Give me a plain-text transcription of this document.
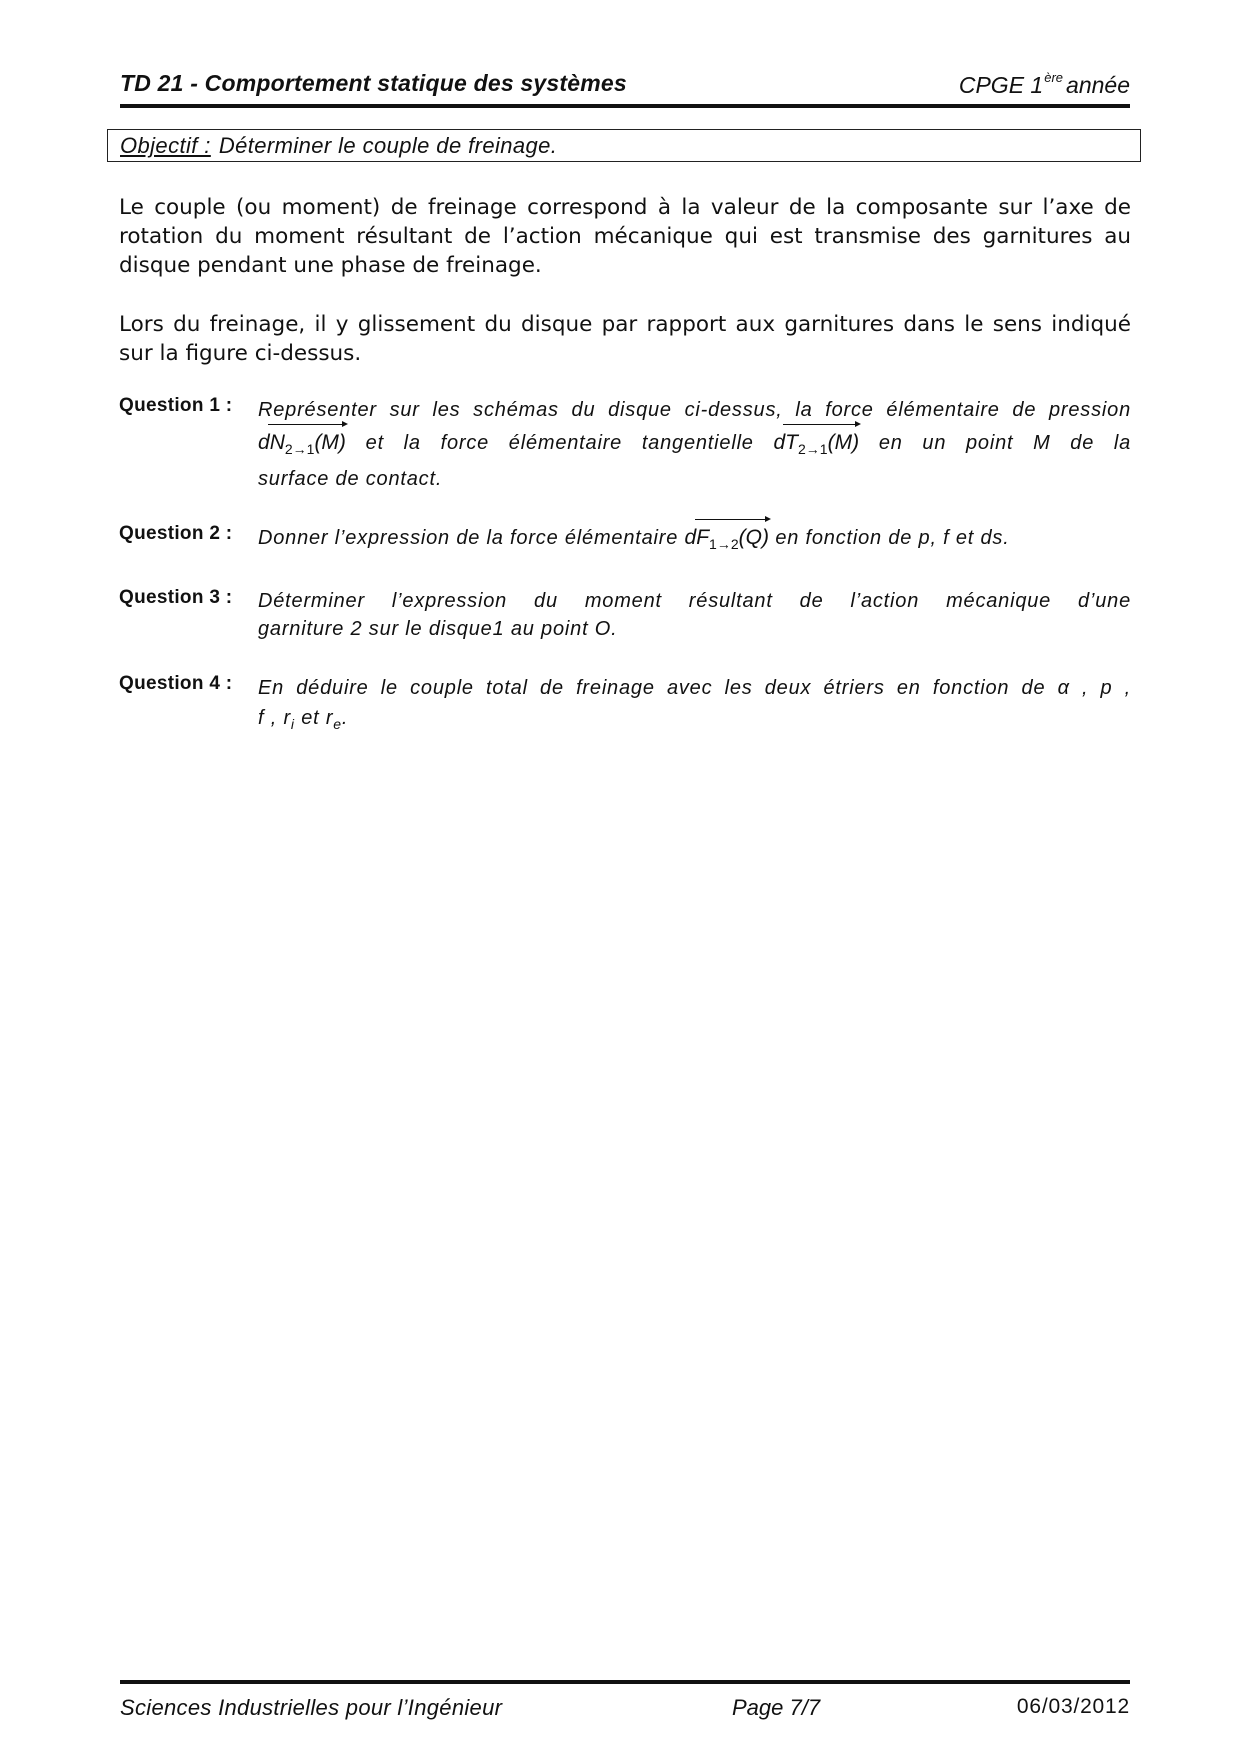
TD 21 - Comportement statique des systèmes	CPGE 1ère année
Objectif : Déterminer le couple de freinage.
Le couple (ou moment) de freinage correspond à la valeur de la composante sur l’axe de rotation du moment résultant de l’action mécanique qui est transmise des garnitures au disque pendant une phase de freinage.
Lors du freinage, il y glissement du disque par rapport aux garnitures dans le sens indiqué sur la figure ci-dessus.
Question 1 :	Représenter sur les schémas du disque ci-dessus, la force élémentaire de pression
$dN_{2\to 1}(M)$ et la force élémentaire tangentielle $dT_{2\to 1}(M)$ en un point M de la
surface de contact.
Question 2 :	Donner l’expression de la force élémentaire $dF_{1\to 2}(Q)$ en fonction de p, f et ds.
Question 3 :	Déterminer l’expression du moment résultant de l’action mécanique d’une
garniture 2 sur le disque1 au point O.
Question 4 :	En déduire le couple total de freinage avec les deux étriers en fonction de α , p ,
f , $r_i$ et $r_e$.
Sciences Industrielles pour l’Ingénieur	Page 7/7	06/03/2012
